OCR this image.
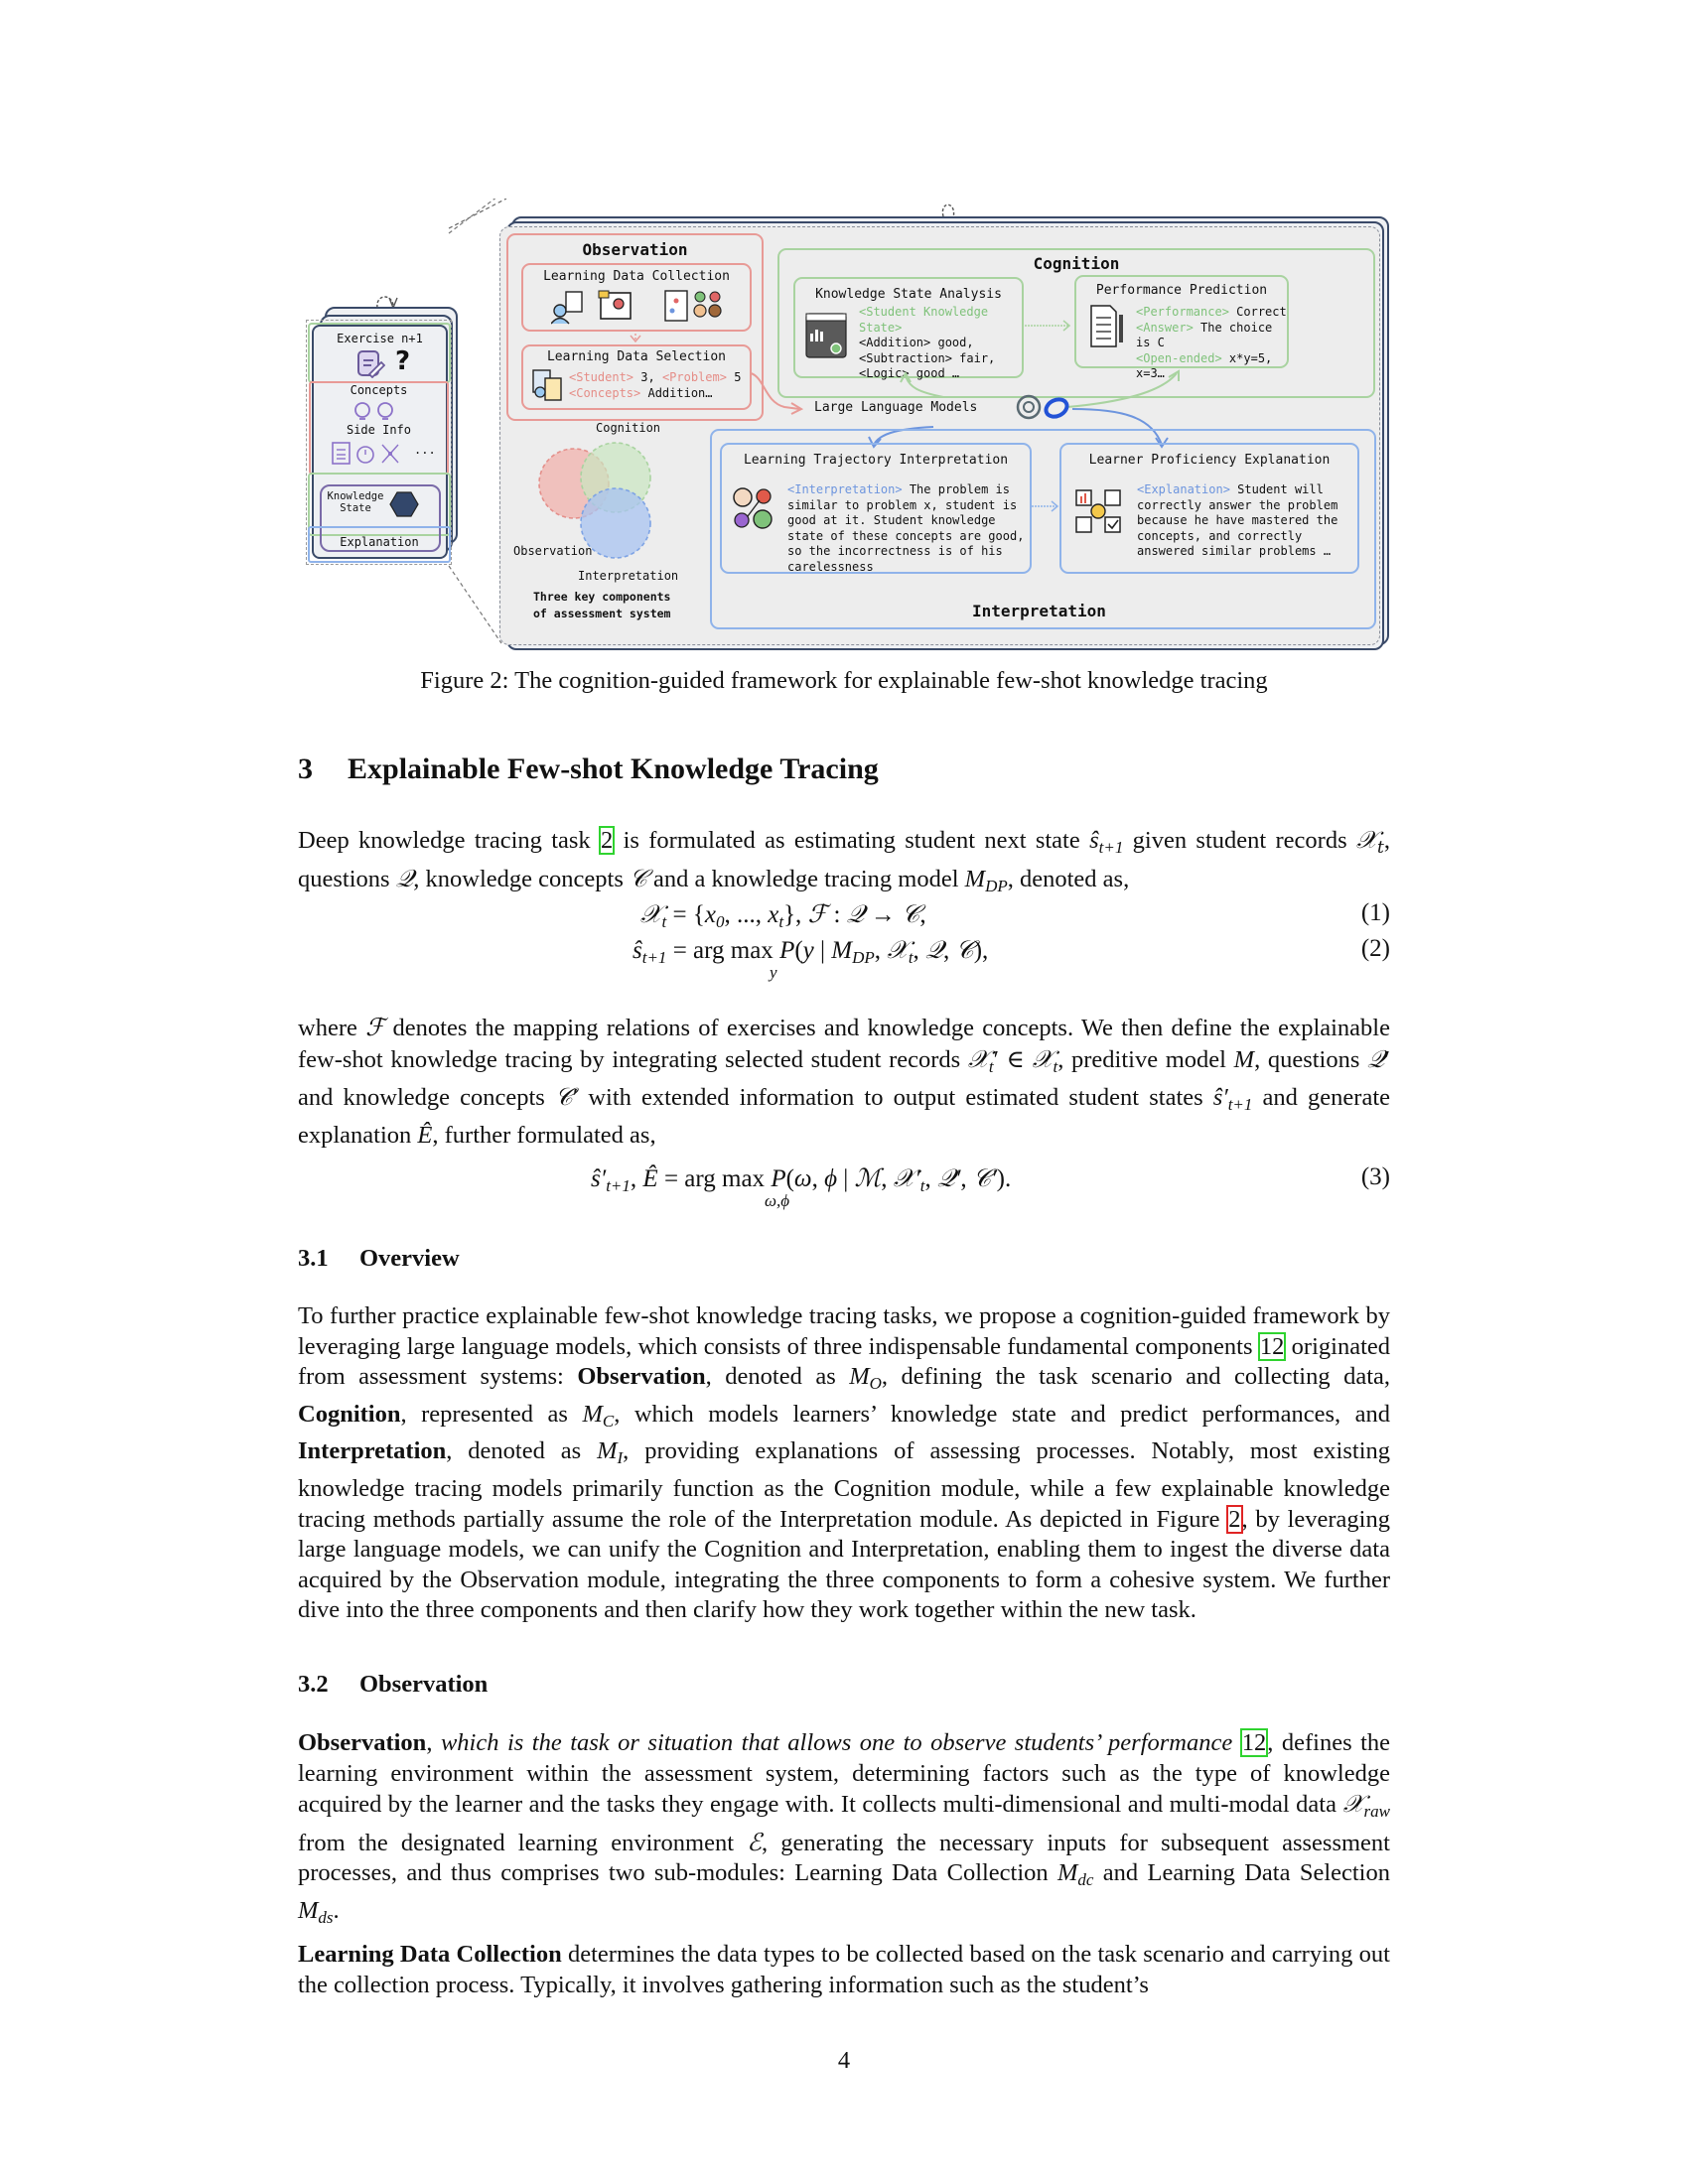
Exercise n+1
?
Concepts
Side Info
...
Knowledge State
Explanation
Observation
Learning Data Collection
Learning Data Selection
<Student> 3, <Problem> 5
<Concepts> Addition…
Cognition
Knowledge State Analysis
<Student Knowledge State>
<Addition> good,
<Subtraction> fair,
<Logic> good …
Performance Prediction
<Performance> Correct
<Answer> The choice is C
<Open-ended> x*y=5, x=3…
Large Language Models
Learning Trajectory Interpretation
<Interpretation> The problem is similar to problem x, student is good at it. Student knowledge state of these concepts are good, so the incorrectness is of his carelessness
Learner Proficiency Explanation
<Explanation> Student will correctly answer the problem because he have mastered the concepts, and correctly answered similar problems …
Interpretation
Cognition
Observation
Interpretation
Three key components
of assessment system
Figure 2: The cognition-guided framework for explainable few-shot knowledge tracing
3 Explainable Few-shot Knowledge Tracing
Deep knowledge tracing task 2 is formulated as estimating student next state $ŝ_{t+1}$ given student records 𝒳$_t$, questions 𝒬, knowledge concepts 𝒞 and a knowledge tracing model $M_{DP}$, denoted as,
𝒳$_t$ = {$x_0$, ..., $x_t$}, ℱ : 𝒬 → 𝒞,	(1)
$ŝ_{t+1}$ = arg max P(y | $M_{DP}$, 𝒳$_t$, 𝒬, 𝒞),
y
(2)
where ℱ denotes the mapping relations of exercises and knowledge concepts. We then define the explainable few-shot knowledge tracing by integrating selected student records 𝒳$_t$′ ∈ 𝒳$_t$, preditive model M, questions 𝒬′ and knowledge concepts 𝒞′ with extended information to output estimated student states $ŝ'_{t+1}$ and generate explanation Ê, further formulated as,
$ŝ'_{t+1}$, Ê = arg max P(ω, ϕ | ℳ, $𝒳'_t$, 𝒬′, 𝒞′).
ω,ϕ
(3)
3.1 Overview
To further practice explainable few-shot knowledge tracing tasks, we propose a cognition-guided framework by leveraging large language models, which consists of three indispensable fundamental components 12 originated from assessment systems: Observation, denoted as $M_O$, defining the task scenario and collecting data, Cognition, represented as $M_C$, which models learners’ knowledge state and predict performances, and Interpretation, denoted as $M_I$, providing explanations of assessing processes. Notably, most existing knowledge tracing models primarily function as the Cognition module, while a few explainable knowledge tracing methods partially assume the role of the Interpretation module. As depicted in Figure 2, by leveraging large language models, we can unify the Cognition and Interpretation, enabling them to ingest the diverse data acquired by the Observation module, integrating the three components to form a cohesive system. We further dive into the three components and then clarify how they work together within the new task.
3.2 Observation
Observation, which is the task or situation that allows one to observe students’ performance 12, defines the learning environment within the assessment system, determining factors such as the type of knowledge acquired by the learner and the tasks they engage with. It collects multi-dimensional and multi-modal data 𝒳$_{raw}$ from the designated learning environment ℰ, generating the necessary inputs for subsequent assessment processes, and thus comprises two sub-modules: Learning Data Collection $M_{dc}$ and Learning Data Selection $M_{ds}$.
Learning Data Collection determines the data types to be collected based on the task scenario and carrying out the collection process. Typically, it involves gathering information such as the student’s
4
